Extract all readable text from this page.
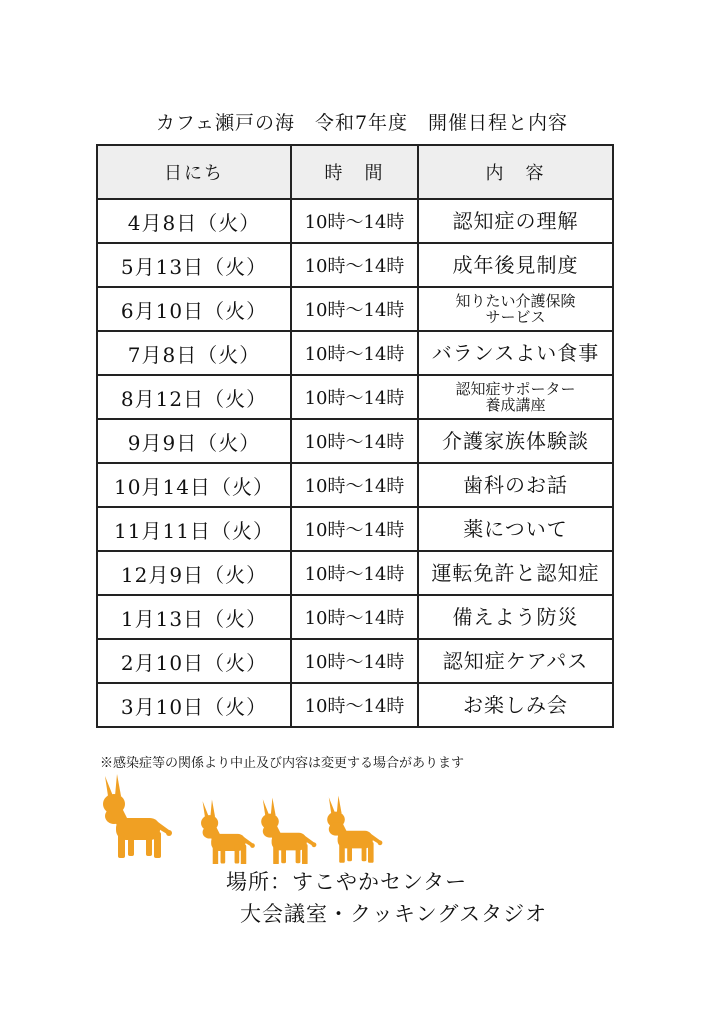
カフェ瀬戸の海　令和7年度　開催日程と内容
日にち	時　間	内　容
4月8日（火）	10時～14時	認知症の理解

5月13日（火）	10時～14時	成年後見制度

6月10日（火）	10時～14時	知りたい介護保険
サービス

7月8日（火）	10時～14時	バランスよい食事

8月12日（火）	10時～14時	認知症サポーター
養成講座

9月9日（火）	10時～14時	介護家族体験談

10月14日（火）	10時～14時	歯科のお話

11月11日（火）	10時～14時	薬について

12月9日（火）	10時～14時	運転免許と認知症

1月13日（火）	10時～14時	備えよう防災

2月10日（火）	10時～14時	認知症ケアパス

3月10日（火）	10時～14時	お楽しみ会
※感染症等の関係より中止及び内容は変更する場合があります
場所：すこやかセンター
大会議室・クッキングスタジオ
